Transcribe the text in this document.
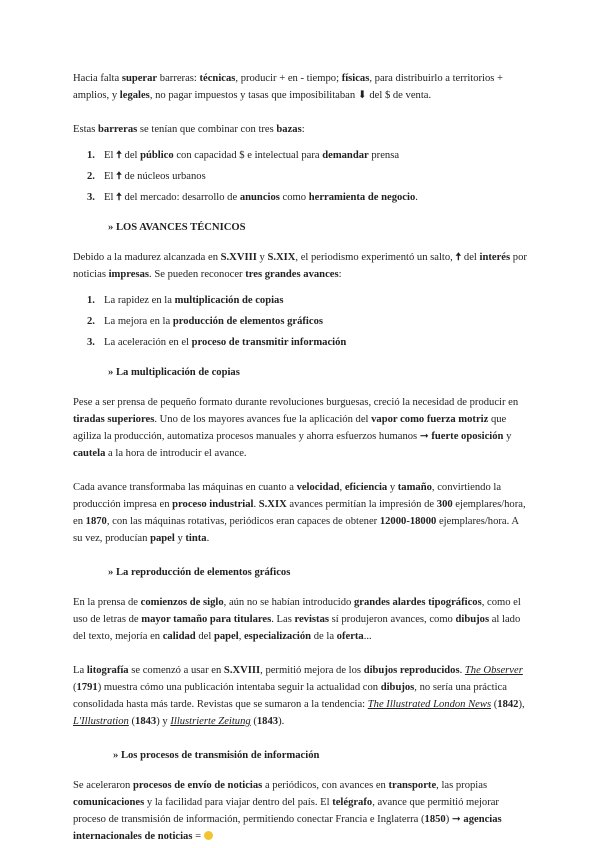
Hacia falta superar barreras: técnicas, producir + en - tiempo; físicas, para distribuirlo a territorios + amplios, y legales, no pagar impuestos y tasas que imposibilitaban ⬇ del $ de venta.

Estas barreras se tenían que combinar con tres bazas:

1. El 🠅 del público con capacidad $ e intelectual para demandar prensa
2. El 🠅 de núcleos urbanos
3. El 🠅 del mercado: desarrollo de anuncios como herramienta de negocio.
» LOS AVANCES TÉCNICOS

Debido a la madurez alcanzada en S.XVIII y S.XIX, el periodismo experimentó un salto, 🠅 del interés por noticias impresas. Se pueden reconocer tres grandes avances:

1. La rapidez en la multiplicación de copias
2. La mejora en la producción de elementos gráficos
3. La aceleración en el proceso de transmitir información
» La multiplicación de copias

Pese a ser prensa de pequeño formato durante revoluciones burguesas, creció la necesidad de producir en tiradas superiores. Uno de los mayores avances fue la aplicación del vapor como fuerza motriz que agiliza la producción, automatiza procesos manuales y ahorra esfuerzos humanos ➞ fuerte oposición y cautela a la hora de introducir el avance.

Cada avance transformaba las máquinas en cuanto a velocidad, eficiencia y tamaño, convirtiendo la producción impresa en proceso industrial. S.XIX avances permitían la impresión de 300 ejemplares/hora, en 1870, con las máquinas rotativas, periódicos eran capaces de obtener 12000-18000 ejemplares/hora. A su vez, producían papel y tinta.

» La reproducción de elementos gráficos

En la prensa de comienzos de siglo, aún no se habían introducido grandes alardes tipográficos, como el uso de letras de mayor tamaño para titulares. Las revistas sí produjeron avances, como dibujos al lado del texto, mejoría en calidad del papel, especialización de la oferta...

La litografía se comenzó a usar en S.XVIII, permitió mejora de los dibujos reproducidos. The Observer (1791) muestra cómo una publicación intentaba seguir la actualidad con dibujos, no sería una práctica consolidada hasta más tarde. Revistas que se sumaron a la tendencia: The Illustrated London News (1842), L'Illustration (1843) y Illustrierte Zeitung (1843).

» Los procesos de transmisión de información

Se aceleraron procesos de envío de noticias a periódicos, con avances en transporte, las propias comunicaciones y la facilidad para viajar dentro del país. El telégrafo, avance que permitió mejorar proceso de transmisión de información, permitiendo conectar Francia e Inglaterra (1850) ➞ agencias internacionales de noticias =
